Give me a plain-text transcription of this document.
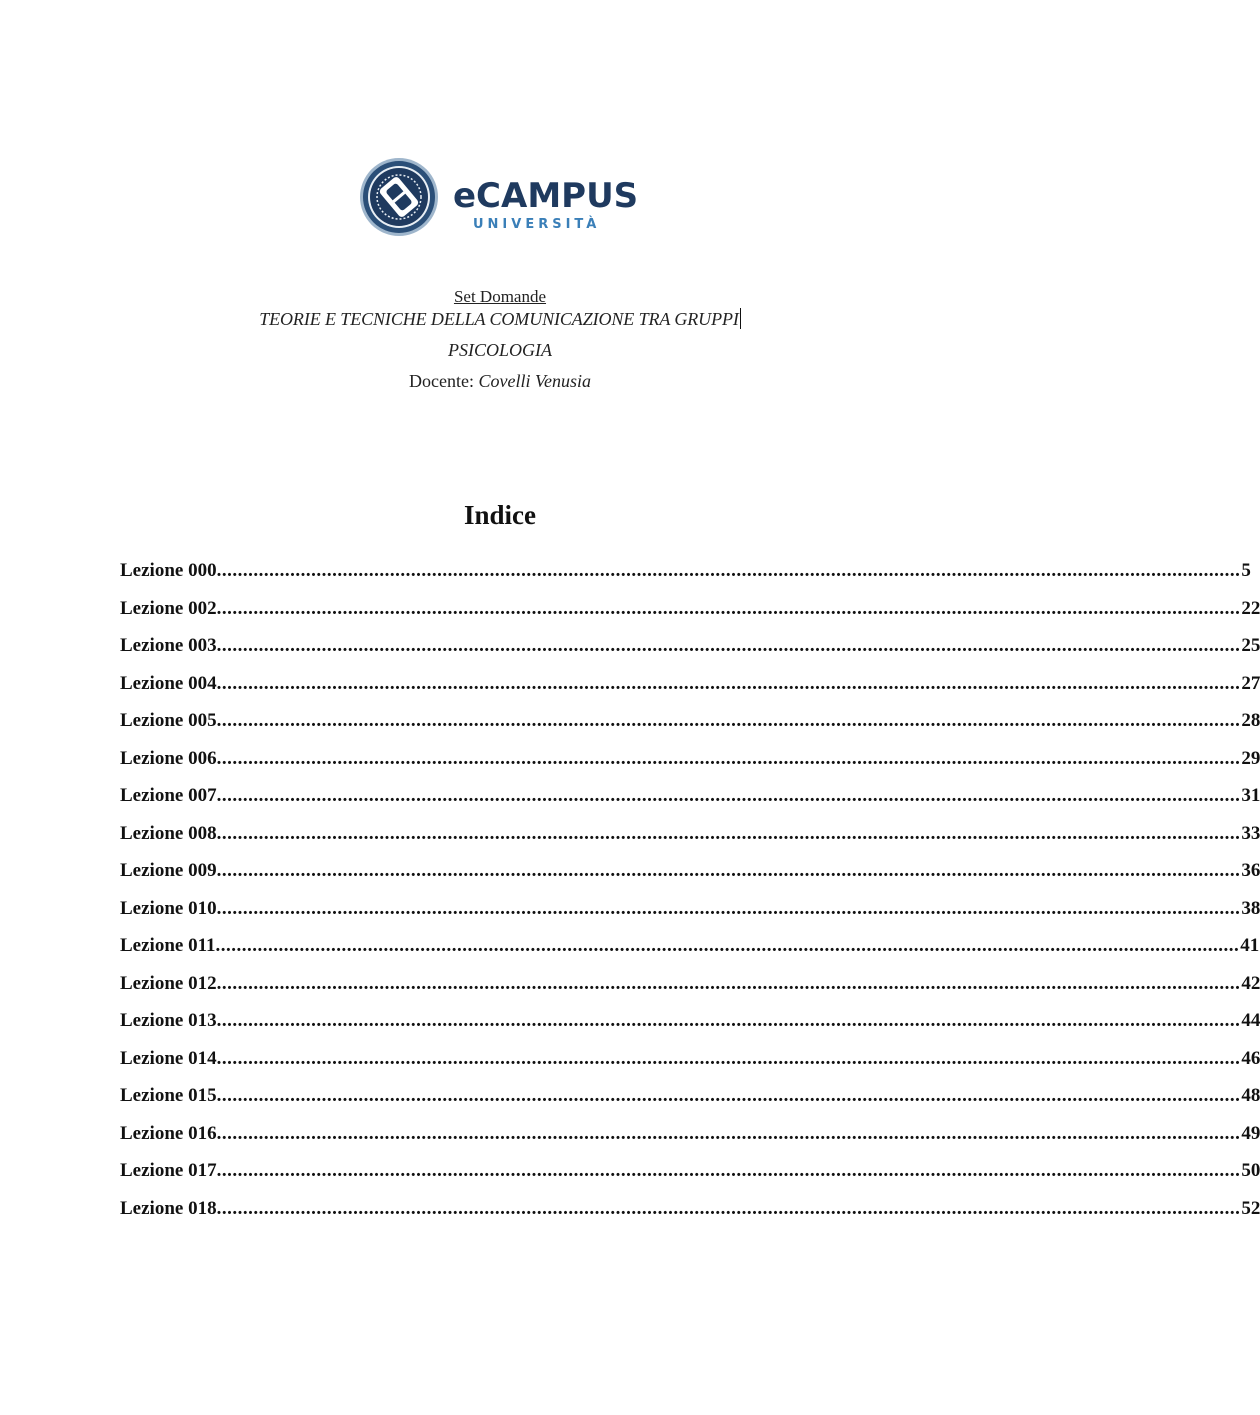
eCAMPUS
UNIVERSITÀ
Set Domande
TEORIE E TECNICHE DELLA COMUNICAZIONE TRA GRUPPI
PSICOLOGIA
Docente: Covelli Venusia
Indice
Lezione 000 ................................................................................................................................................................................................... 5
Lezione 002 ................................................................................................................................................................................................... 22
Lezione 003 ................................................................................................................................................................................................... 25
Lezione 004 ................................................................................................................................................................................................... 27
Lezione 005 ................................................................................................................................................................................................... 28
Lezione 006 ................................................................................................................................................................................................... 29
Lezione 007 ................................................................................................................................................................................................... 31
Lezione 008 ................................................................................................................................................................................................... 33
Lezione 009 ................................................................................................................................................................................................... 36
Lezione 010 ................................................................................................................................................................................................... 38
Lezione 011 ................................................................................................................................................................................................... 41
Lezione 012 ................................................................................................................................................................................................... 42
Lezione 013 ................................................................................................................................................................................................... 44
Lezione 014 ................................................................................................................................................................................................... 46
Lezione 015 ................................................................................................................................................................................................... 48
Lezione 016 ................................................................................................................................................................................................... 49
Lezione 017 ................................................................................................................................................................................................... 50
Lezione 018 ................................................................................................................................................................................................... 52
